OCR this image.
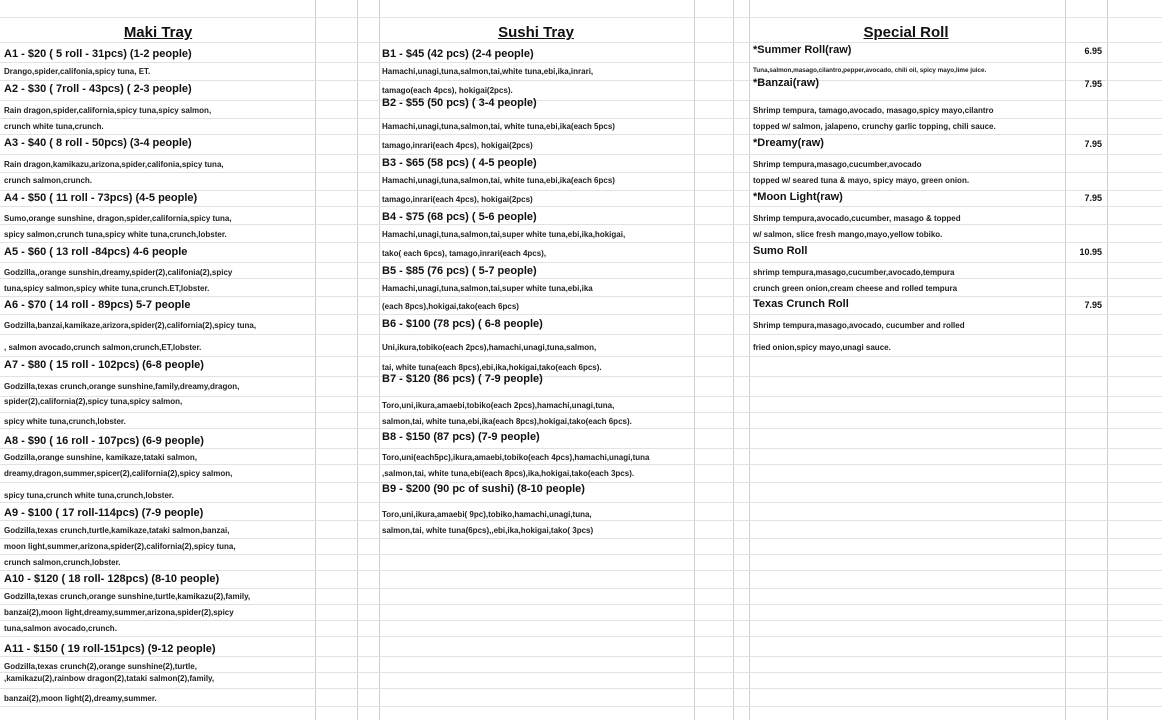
Maki Tray	Sushi Tray	Special Roll
A1 - $20 ( 5 roll - 31pcs) (1-2 people)
Drango,spider,califonia,spicy tuna, ET.
A2 - $30 ( 7roll - 43pcs) ( 2-3 people)
Rain dragon,spider,california,spicy tuna,spicy salmon,
crunch white tuna,crunch.
A3 - $40 ( 8 roll - 50pcs) (3-4 people)
Rain dragon,kamikazu,arizona,spider,califonia,spicy tuna,
crunch salmon,crunch.
A4 - $50 ( 11 roll - 73pcs) (4-5 people)
Sumo,orange sunshine, dragon,spider,california,spicy tuna,
spicy salmon,crunch tuna,spicy white tuna,crunch,lobster.
A5 - $60 ( 13 roll -84pcs) 4-6 people
Godzilla,,orange sunshin,dreamy,spider(2),califonia(2),spicy
tuna,spicy salmon,spicy white tuna,crunch.ET,lobster.
A6 - $70 ( 14 roll - 89pcs) 5-7 people
Godzilla,banzai,kamikaze,arizora,spider(2),california(2),spicy tuna,
, salmon avocado,crunch salmon,crunch,ET,lobster.
A7 - $80 ( 15 roll - 102pcs) (6-8 people)
Godzilla,texas crunch,orange sunshine,family,dreamy,dragon,
spider(2),california(2),spicy tuna,spicy salmon,
spicy white tuna,crunch,lobster.
A8 - $90 ( 16 roll - 107pcs) (6-9 people)
Godzilla,orange sunshine, kamikaze,tataki salmon,
dreamy,dragon,summer,spicer(2),california(2),spicy salmon,
spicy tuna,crunch white tuna,crunch,lobster.
A9 - $100 ( 17 roll-114pcs) (7-9 people)
Godzilla,texas crunch,turtle,kamikaze,tataki salmon,banzai,
moon light,summer,arizona,spider(2),california(2),spicy tuna,
crunch salmon,crunch,lobster.
A10 - $120 ( 18 roll- 128pcs) (8-10 people)
Godzilla,texas crunch,orange sunshine,turtle,kamikazu(2),family,
banzai(2),moon light,dreamy,summer,arizona,spider(2),spicy
tuna,salmon avocado,crunch.
A11 - $150 ( 19 roll-151pcs) (9-12 people)
Godzilla,texas crunch(2),orange sunshine(2),turtle,
,kamikazu(2),rainbow dragon(2),tataki salmon(2),family,
banzai(2),moon light(2),dreamy,summer.
B1 - $45 (42 pcs) (2-4 people)
Hamachi,unagi,tuna,salmon,tai,white tuna,ebi,ika,inrari,
tamago(each 4pcs), hokigai(2pcs).
B2 - $55 (50 pcs) ( 3-4 people)
Hamachi,unagi,tuna,salmon,tai, white tuna,ebi,ika(each 5pcs)
tamago,inrari(each 4pcs), hokigai(2pcs)
B3 - $65 (58 pcs) ( 4-5 people)
Hamachi,unagi,tuna,salmon,tai, white tuna,ebi,ika(each 6pcs)
tamago,inrari(each 4pcs), hokigai(2pcs)
B4 - $75 (68 pcs) ( 5-6 people)
Hamachi,unagi,tuna,salmon,tai,super white tuna,ebi,ika,hokigai,
tako( each 6pcs), tamago,inrari(each 4pcs),
B5 - $85 (76 pcs) ( 5-7 people)
Hamachi,unagi,tuna,salmon,tai,super white tuna,ebi,ika
(each 8pcs),hokigai,tako(each 6pcs)
B6 - $100 (78 pcs) ( 6-8 people)
Uni,ikura,tobiko(each 2pcs),hamachi,unagi,tuna,salmon,
tai, white tuna(each 8pcs),ebi,ika,hokigai,tako(each 6pcs).
B7 - $120 (86 pcs) ( 7-9 people)
Toro,uni,ikura,amaebi,tobiko(each 2pcs),hamachi,unagi,tuna,
salmon,tai, white tuna,ebi,ika(each 8pcs),hokigai,tako(each 6pcs).
B8 - $150 (87 pcs) (7-9 people)
Toro,uni(each5pc),ikura,amaebi,tobiko(each 4pcs),hamachi,unagi,tuna
,salmon,tai, white tuna,ebi(each 8pcs),ika,hokigai,tako(each 3pcs).
B9 - $200 (90 pc of sushi) (8-10 people)
Toro,uni,ikura,amaebi( 9pc),tobiko,hamachi,unagi,tuna,
salmon,tai, white tuna(6pcs),,ebi,ika,hokigai,tako( 3pcs)
*Summer Roll(raw)
Tuna,salmon,masago,cilantro,pepper,avocado, chili oil, spicy mayo,lime juice.
6.95
*Banzai(raw)
Shrimp tempura, tamago,avocado, masago,spicy mayo,cilantro
topped w/ salmon, jalapeno, crunchy garlic topping, chili sauce.
7.95
*Dreamy(raw)
Shrimp tempura,masago,cucumber,avocado
topped w/ seared tuna & mayo, spicy mayo, green onion.
7.95
*Moon Light(raw)
Shrimp tempura,avocado,cucumber, masago & topped
w/ salmon, slice fresh mango,mayo,yellow tobiko.
7.95
Sumo Roll
shrimp tempura,masago,cucumber,avocado,tempura
crunch green onion,cream cheese and rolled tempura
10.95
Texas Crunch Roll
Shrimp tempura,masago,avocado, cucumber and rolled
fried onion,spicy mayo,unagi sauce.
7.95
